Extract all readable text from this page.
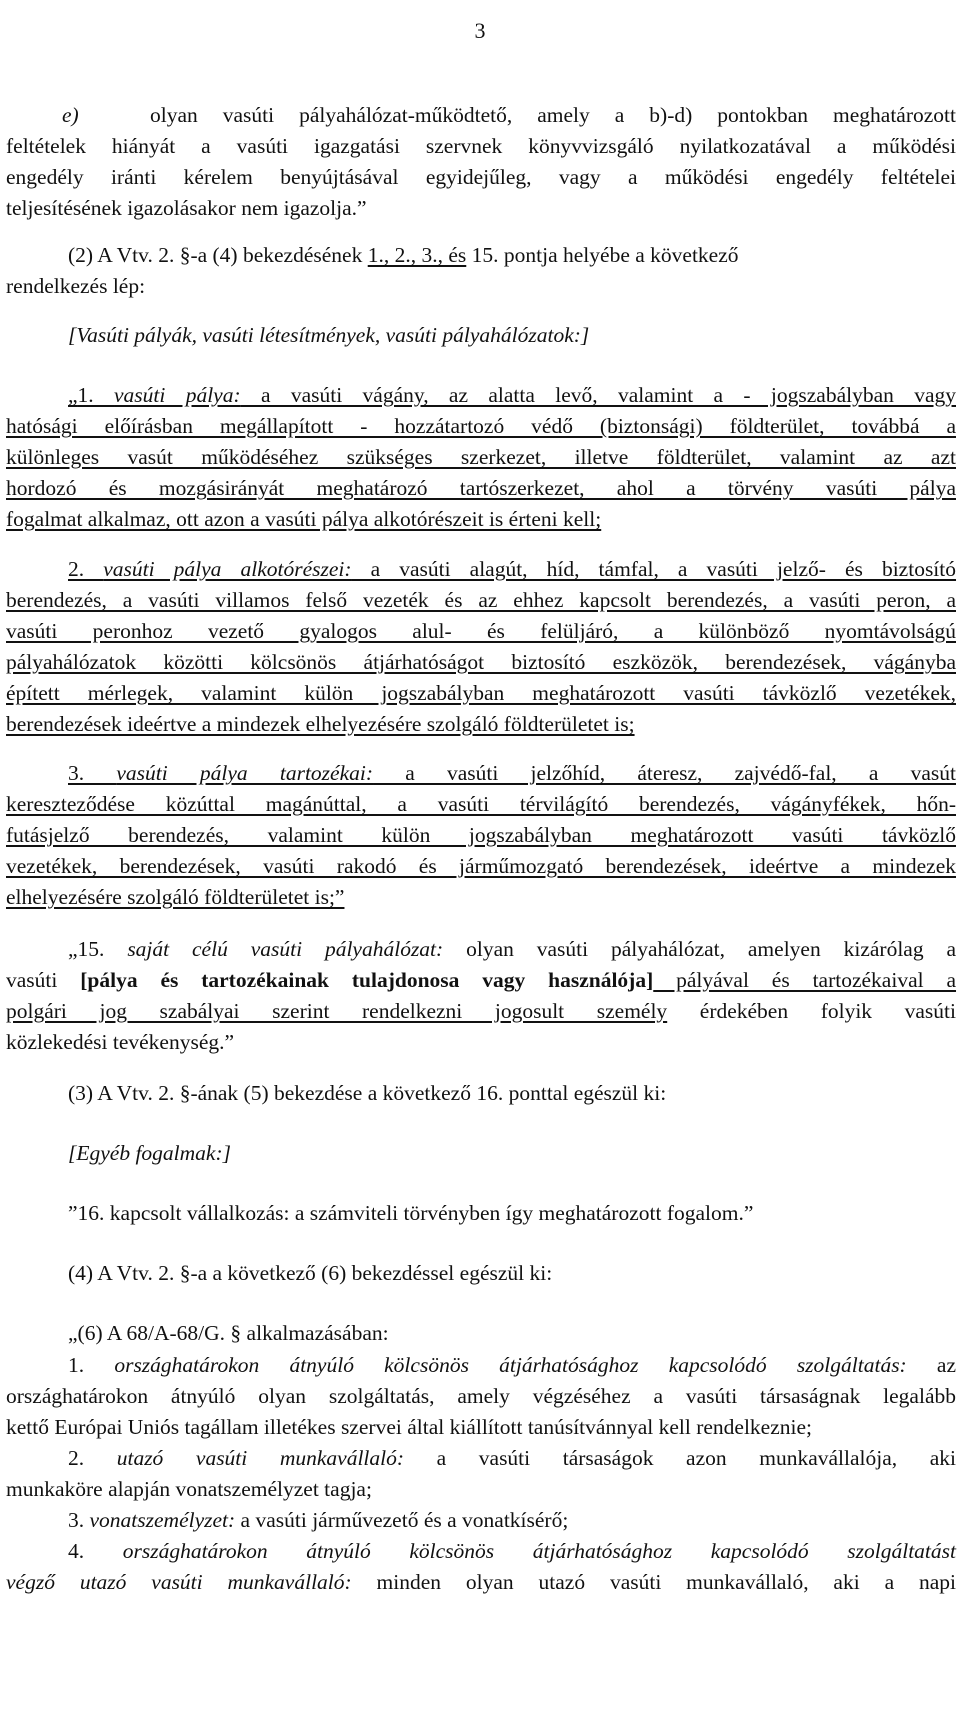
3
e)	olyan vasúti pályahálózat-működtető, amely a b)-d) pontokban meghatározott
feltételek hiányát a vasúti igazgatási szervnek könyvvizsgáló nyilatkozatával a működési
engedély iránti kérelem benyújtásával egyidejűleg, vagy a működési engedély feltételei
teljesítésének igazolásakor nem igazolja.”
(2) A Vtv. 2. §-a (4) bekezdésének 1., 2., 3., és 15. pontja helyébe a következő
rendelkezés lép:
[Vasúti pályák, vasúti létesítmények, vasúti pályahálózatok:]
„1. vasúti pálya: a vasúti vágány, az alatta levő, valamint a - jogszabályban vagy
hatósági előírásban megállapított - hozzátartozó védő (biztonsági) földterület, továbbá a
különleges vasút működéséhez szükséges szerkezet, illetve földterület, valamint az azt
hordozó és mozgásirányát meghatározó tartószerkezet, ahol a törvény vasúti pálya
fogalmat alkalmaz, ott azon a vasúti pálya alkotórészeit is érteni kell;
2. vasúti pálya alkotórészei: a vasúti alagút, híd, támfal, a vasúti jelző- és biztosító
berendezés, a vasúti villamos felső vezeték és az ehhez kapcsolt berendezés, a vasúti peron, a
vasúti peronhoz vezető gyalogos alul- és felüljáró, a különböző nyomtávolságú
pályahálózatok közötti kölcsönös átjárhatóságot biztosító eszközök, berendezések, vágányba
épített mérlegek, valamint külön jogszabályban meghatározott vasúti távközlő vezetékek,
berendezések ideértve a mindezek elhelyezésére szolgáló földterületet is;
3. vasúti pálya tartozékai: a vasúti jelzőhíd, áteresz, zajvédő-fal, a vasút
kereszteződése közúttal magánúttal, a vasúti térvilágító berendezés, vágányfékek, hőn-
futásjelző berendezés, valamint külön jogszabályban meghatározott vasúti távközlő
vezetékek, berendezések, vasúti rakodó és járműmozgató berendezések, ideértve a mindezek
elhelyezésére szolgáló földterületet is;”
„15. saját célú vasúti pályahálózat: olyan vasúti pályahálózat, amelyen kizárólag a
vasúti [pálya és tartozékainak tulajdonosa vagy használója] pályával és tartozékaival a
polgári jog szabályai szerint rendelkezni jogosult személy érdekében folyik vasúti
közlekedési tevékenység.”
(3) A Vtv. 2. §-ának (5) bekezdése a következő 16. ponttal egészül ki:
[Egyéb fogalmak:]
”16. kapcsolt vállalkozás: a számviteli törvényben így meghatározott fogalom.”
(4) A Vtv. 2. §-a a következő (6) bekezdéssel egészül ki:
„(6) A 68/A-68/G. § alkalmazásában:
1. országhatárokon átnyúló kölcsönös átjárhatósághoz kapcsolódó szolgáltatás: az
országhatárokon átnyúló olyan szolgáltatás, amely végzéséhez a vasúti társaságnak legalább
kettő Európai Uniós tagállam illetékes szervei által kiállított tanúsítvánnyal kell rendelkeznie;
2. utazó vasúti munkavállaló: a vasúti társaságok azon munkavállalója, aki
munkaköre alapján vonatszemélyzet tagja;
3. vonatszemélyzet: a vasúti járművezető és a vonatkísérő;
4. országhatárokon átnyúló kölcsönös átjárhatósághoz kapcsolódó szolgáltatást
végző utazó vasúti munkavállaló: minden olyan utazó vasúti munkavállaló, aki a napi
